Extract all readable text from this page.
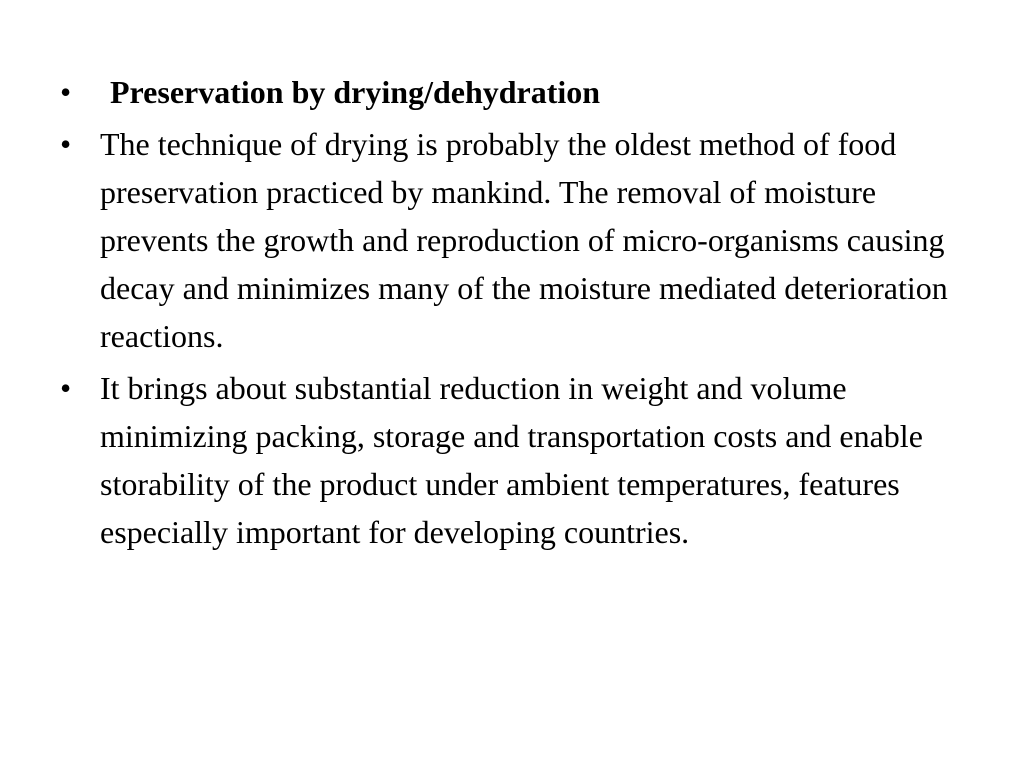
•	Preservation by drying/dehydration
• The technique of drying is probably the oldest method of food preservation practiced by mankind. The removal of moisture prevents the growth and reproduction of micro-organisms causing decay and minimizes many of the moisture mediated deterioration reactions.
• It brings about substantial reduction in weight and volume minimizing packing, storage and transportation costs and enable storability of the product under ambient temperatures, features especially important for developing countries.
